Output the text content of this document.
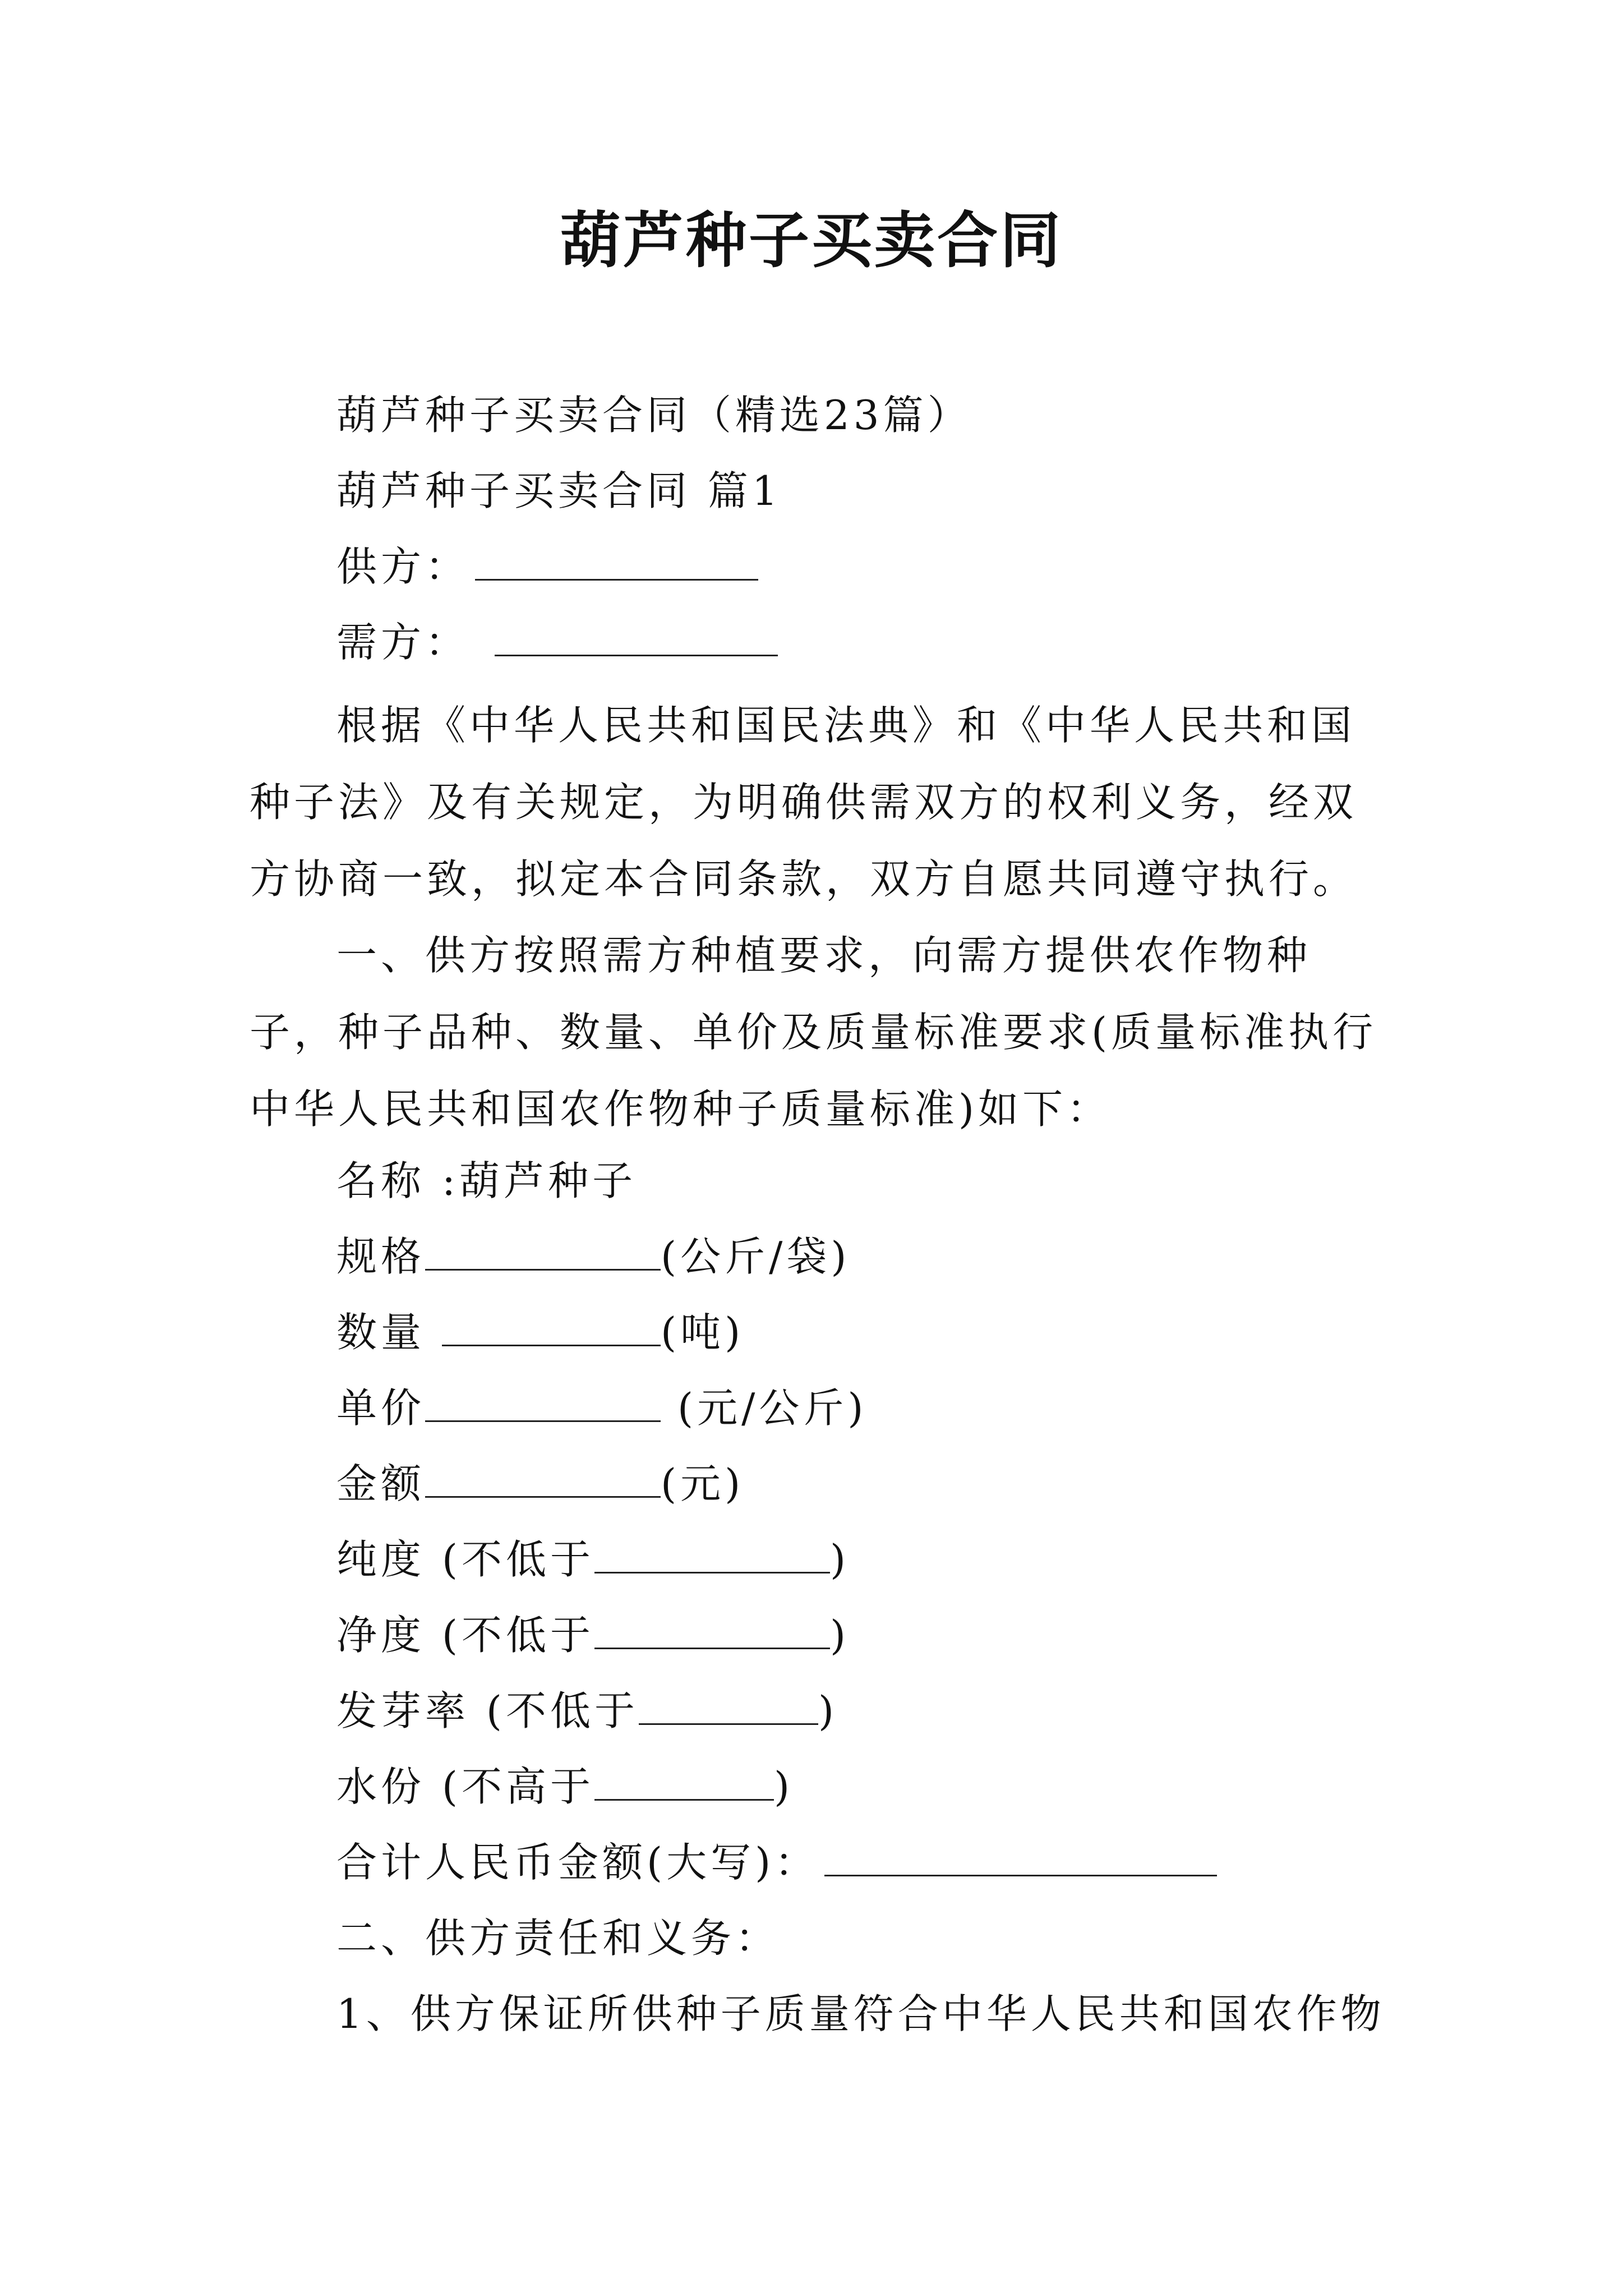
葫芦种子买卖合同
葫芦种子买卖合同（精选23篇）
葫芦种子买卖合同 篇1
供方：
需方：
根据《中华人民共和国民法典》和《中华人民共和国种子法》及有关规定，为明确供需双方的权利义务，经双方协商一致，拟定本合同条款，双方自愿共同遵守执行。
一、供方按照需方种植要求，向需方提供农作物种子，种子品种、数量、单价及质量标准要求(质量标准执行中华人民共和国农作物种子质量标准)如下：
名称 :葫芦种子
规格	(公斤/袋)
数量	(吨)
单价	(元/公斤)
金额	(元)
纯度 (不低于	)
净度 (不低于	)
发芽率 (不低于	)
水份 (不高于	)
合计人民币金额(大写)：
二、供方责任和义务：
1、供方保证所供种子质量符合中华人民共和国农作物
